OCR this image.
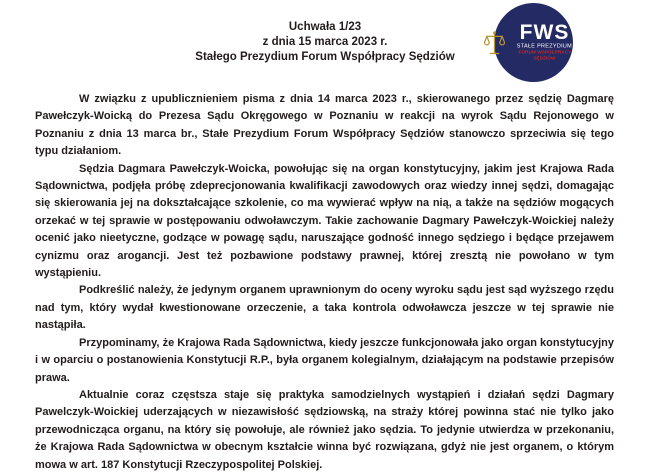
Uchwała 1/23
z dnia 15 marca 2023 r.
Stałego Prezydium Forum Współpracy Sędziów
FWS
STAŁE PREZYDIUM
FORUM WSPÓŁPRACY
SĘDZIÓW

W związku z upublicznieniem pisma z dnia 14 marca 2023 r., skierowanego przez sędzię Dagmarę Pawełczyk-Woicką do Prezesa Sądu Okręgowego w Poznaniu w reakcji na wyrok Sądu Rejonowego w Poznaniu z dnia 13 marca br., Stałe Prezydium Forum Współpracy Sędziów stanowczo sprzeciwia się tego typu działaniom.

Sędzia Dagmara Pawełczyk-Woicka, powołując się na organ konstytucyjny, jakim jest Krajowa Rada Sądownictwa, podjęła próbę zdeprecjonowania kwalifikacji zawodowych oraz wiedzy innej sędzi, domagając się skierowania jej na dokształcające szkolenie, co ma wywierać wpływ na nią, a także na sędziów mogących orzekać w tej sprawie w postępowaniu odwoławczym. Takie zachowanie Dagmary Pawełczyk-Woickiej należy ocenić jako nieetyczne, godzące w powagę sądu, naruszające godność innego sędziego i będące przejawem cynizmu oraz arogancji. Jest też pozbawione podstawy prawnej, której zresztą nie powołano w tym wystąpieniu.

Podkreślić należy, że jedynym organem uprawnionym do oceny wyroku sądu jest sąd wyższego rzędu nad tym, który wydał kwestionowane orzeczenie, a taka kontrola odwoławcza jeszcze w tej sprawie nie nastąpiła.

Przypominamy, że Krajowa Rada Sądownictwa, kiedy jeszcze funkcjonowała jako organ konstytucyjny i w oparciu o postanowienia Konstytucji R.P., była organem kolegialnym, działającym na podstawie przepisów prawa.

Aktualnie coraz częstsza staje się praktyka samodzielnych wystąpień i działań sędzi Dagmary Pawelczyk-Woickiej uderzających w niezawisłość sędziowską, na straży której powinna stać nie tylko jako przewodnicząca organu, na który się powołuje, ale również jako sędzia. To jedynie utwierdza w przekonaniu, że Krajowa Rada Sądownictwa w obecnym kształcie winna być rozwiązana, gdyż nie jest organem, o którym mowa w art. 187 Konstytucji Rzeczypospolitej Polskiej.
